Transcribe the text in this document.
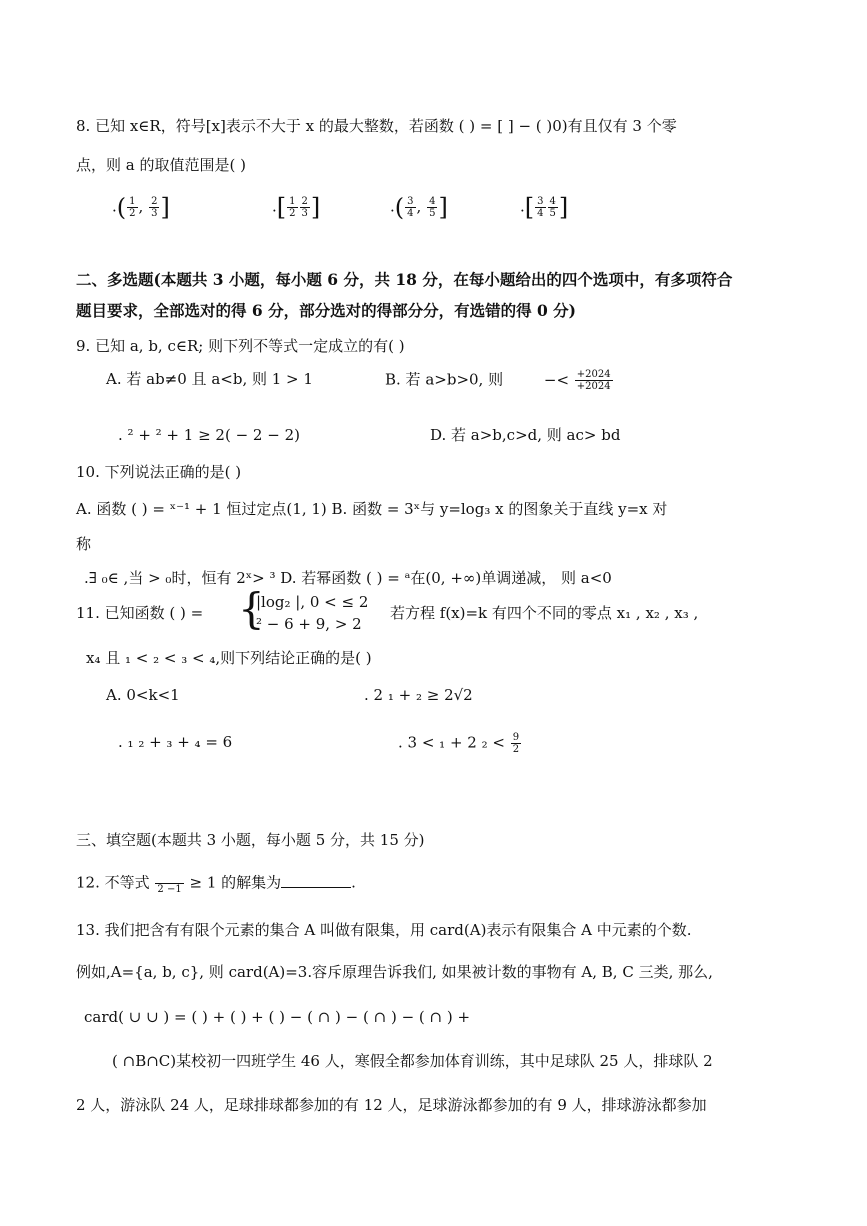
8. 已知 x∈R，符号[x]表示不大于 x 的最大整数，若函数 ( ) = [ ] − ( )0)有且仅有 3 个零
点，则 a 的取值范围是( )
.( $\frac{1}{2}$ , $\frac{2}{3}$ ]	.[ $\frac{1}{2} \frac{2}{3}$ ]	.( $\frac{3}{4}$ , $\frac{4}{5}$ ]	.[ $\frac{3}{4} \frac{4}{5}$ ]
二、多选题(本题共 3 小题，每小题 6 分，共 18 分，在每小题给出的四个选项中，有多项符合
题目要求，全部选对的得 6 分，部分选对的得部分分，有选错的得 0 分)
9. 已知 a, b, c∈R; 则下列不等式一定成立的有( )
A. 若 ab≠0 且 a<b, 则 1 > 1	B. 若 a>b>0, 则	−< $\frac{+2024}{+2024}$
. ² + ² + 1 ≥ 2( − 2 − 2)	D. 若 a>b,c>d, 则 ac> bd
10. 下列说法正确的是( )
A. 函数 ( ) = ˣ⁻¹ + 1 恒过定点(1, 1) B. 函数 = 3ˣ与 y=log₃ x 的图象关于直线 y=x 对
称
.∃ ₀∈ ,当 > ₀时，恒有 2ˣ> ³ D. 若幂函数 ( ) = ᵃ在(0, +∞)单调递减， 则 a<0
11. 已知函数 ( ) = {
|log₂ |, 0 < ≤ 2
² − 6 + 9, > 2
若方程 f(x)=k 有四个不同的零点 x₁ , x₂ , x₃ ,
x₄ 且 ₁ < ₂ < ₃ < ₄,则下列结论正确的是( )
A. 0<k<1	. 2 ₁ + ₂ ≥ 2√2
. ₁ ₂ + ₃ + ₄ = 6	. 3 < ₁ + 2 $_2 < \frac{9}{2}$
三、填空题(本题共 3 小题，每小题 5 分，共 15 分)
12. 不等式
2 −1 ≥ 1 的解集为	.
13. 我们把含有有限个元素的集合 A 叫做有限集，用 card(A)表示有限集合 A 中元素的个数.
例如,A={a, b, c}, 则 card(A)=3.容斥原理告诉我们, 如果被计数的事物有 A, B, C 三类, 那么,
card( ∪ ∪ ) = ( ) + ( ) + ( ) − ( ∩ ) − ( ∩ ) − ( ∩ ) +
( ∩B∩C)某校初一四班学生 46 人，寒假全都参加体育训练，其中足球队 25 人，排球队 2
2 人，游泳队 24 人，足球排球都参加的有 12 人，足球游泳都参加的有 9 人，排球游泳都参加
